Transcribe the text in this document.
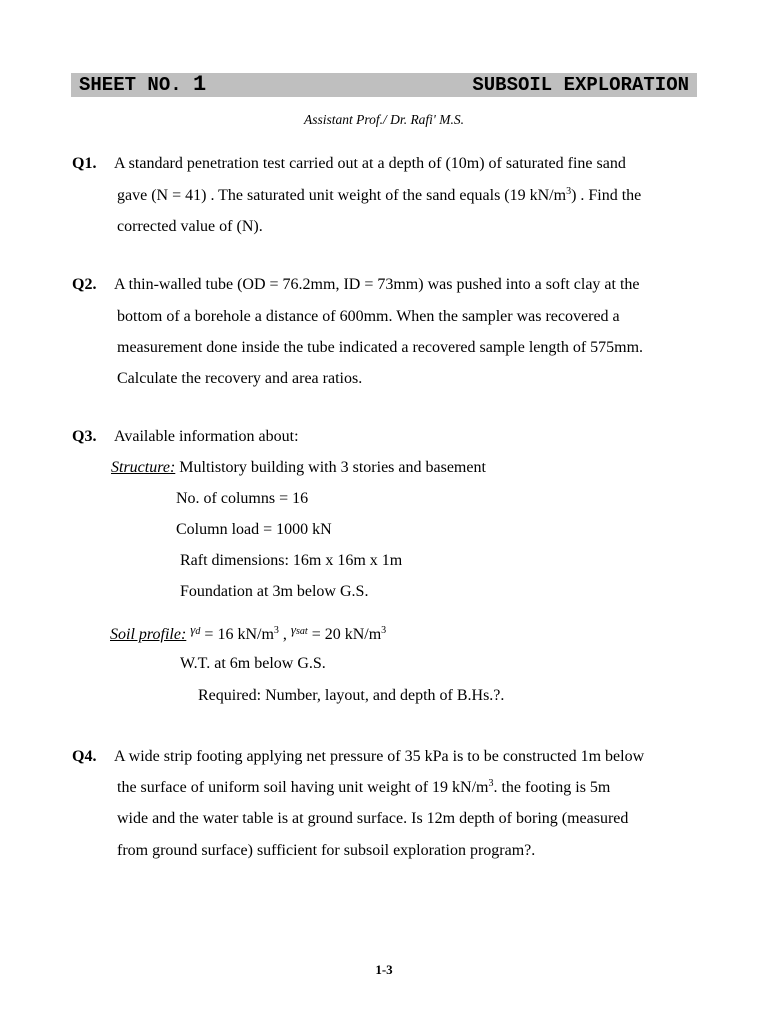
SHEET NO. 1	SUBSOIL EXPLORATION
Assistant Prof./ Dr. Rafi' M.S.
Q1. A standard penetration test carried out at a depth of (10m) of saturated fine sand
gave (N = 41) . The saturated unit weight of the sand equals (19 $kN/m^3$) . Find the
corrected value of (N).
Q2. A thin-walled tube (OD = 76.2mm, ID = 73mm) was pushed into a soft clay at the
bottom of a borehole a distance of 600mm. When the sampler was recovered a
measurement done inside the tube indicated a recovered sample length of 575mm.
Calculate the recovery and area ratios.
Q3. Available information about:
Structure: Multistory building with 3 stories and basement
No. of columns = 16
Column load = 1000 kN
Raft dimensions: 16m x 16m x 1m
Foundation at 3m below G.S.
Soil profile: $^{\gamma d}$ = 16 $kN/m^3$ , $^{\gamma sat}$ = 20 $kN/m^3$
W.T. at 6m below G.S.
Required: Number, layout, and depth of B.Hs.?.
Q4. A wide strip footing applying net pressure of 35 kPa is to be constructed 1m below
the surface of uniform soil having unit weight of 19 $kN/m^3$. the footing is 5m
wide and the water table is at ground surface. Is 12m depth of boring (measured
from ground surface) sufficient for subsoil exploration program?.
1-3
